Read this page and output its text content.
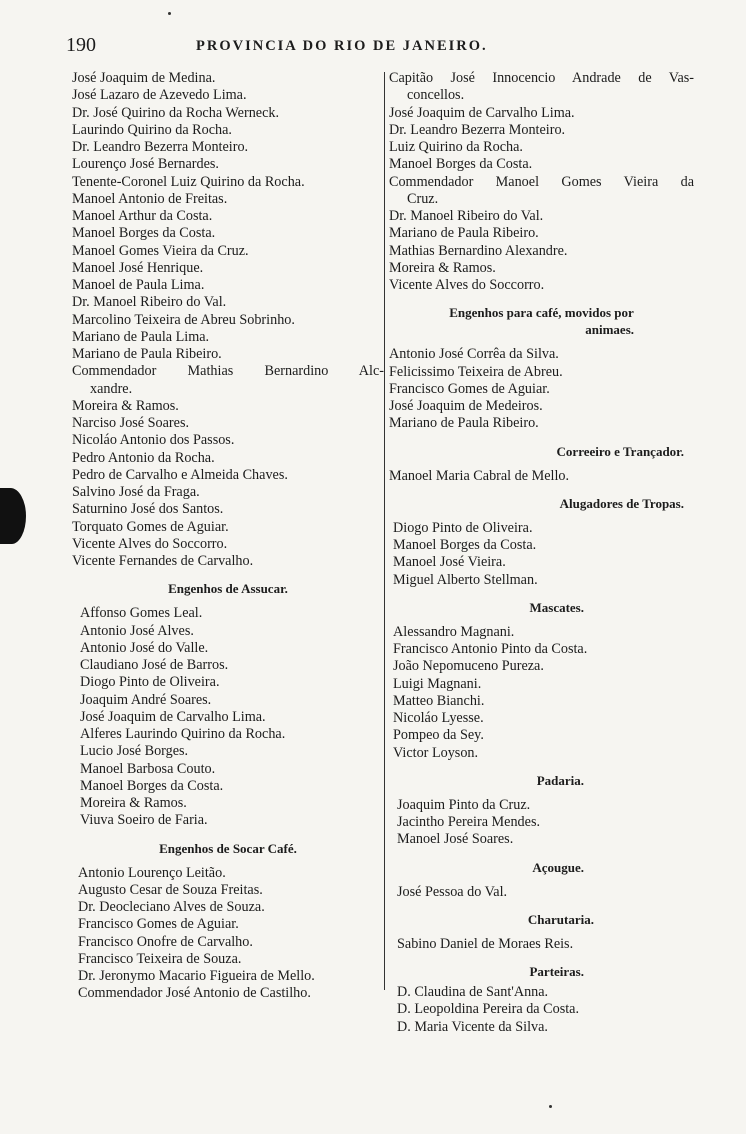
190	PROVINCIA DO RIO DE JANEIRO.
José Joaquim de Medina.
José Lazaro de Azevedo Lima.
Dr. José Quirino da Rocha Werneck.
Laurindo Quirino da Rocha.
Dr. Leandro Bezerra Monteiro.
Lourenço José Bernardes.
Tenente-Coronel Luiz Quirino da Rocha.
Manoel Antonio de Freitas.
Manoel Arthur da Costa.
Manoel Borges da Costa.
Manoel Gomes Vieira da Cruz.
Manoel José Henrique.
Manoel de Paula Lima.
Dr. Manoel Ribeiro do Val.
Marcolino Teixeira de Abreu Sobrinho.
Mariano de Paula Lima.
Mariano de Paula Ribeiro.
Commendador Mathias Bernardino Alc-
xandre.
Moreira & Ramos.
Narciso José Soares.
Nicoláo Antonio dos Passos.
Pedro Antonio da Rocha.
Pedro de Carvalho e Almeida Chaves.
Salvino José da Fraga.
Saturnino José dos Santos.
Torquato Gomes de Aguiar.
Vicente Alves do Soccorro.
Vicente Fernandes de Carvalho.
Engenhos de Assucar.
Affonso Gomes Leal.
Antonio José Alves.
Antonio José do Valle.
Claudiano José de Barros.
Diogo Pinto de Oliveira.
Joaquim André Soares.
José Joaquim de Carvalho Lima.
Alferes Laurindo Quirino da Rocha.
Lucio José Borges.
Manoel Barbosa Couto.
Manoel Borges da Costa.
Moreira & Ramos.
Viuva Soeiro de Faria.
Engenhos de Socar Café.
Antonio Lourenço Leitão.
Augusto Cesar de Souza Freitas.
Dr. Deocleciano Alves de Souza.
Francisco Gomes de Aguiar.
Francisco Onofre de Carvalho.
Francisco Teixeira de Souza.
Dr. Jeronymo Macario Figueira de Mello.
Commendador José Antonio de Castilho.
Capitão José Innocencio Andrade de Vas-
concellos.
José Joaquim de Carvalho Lima.
Dr. Leandro Bezerra Monteiro.
Luiz Quirino da Rocha.
Manoel Borges da Costa.
Commendador Manoel Gomes Vieira da
Cruz.
Dr. Manoel Ribeiro do Val.
Mariano de Paula Ribeiro.
Mathias Bernardino Alexandre.
Moreira & Ramos.
Vicente Alves do Soccorro.
Engenhos para café, movidos por
animaes.
Antonio José Corrêa da Silva.
Felicissimo Teixeira de Abreu.
Francisco Gomes de Aguiar.
José Joaquim de Medeiros.
Mariano de Paula Ribeiro.
Correeiro e Trançador.
Manoel Maria Cabral de Mello.
Alugadores de Tropas.
Diogo Pinto de Oliveira.
Manoel Borges da Costa.
Manoel José Vieira.
Miguel Alberto Stellman.
Mascates.
Alessandro Magnani.
Francisco Antonio Pinto da Costa.
João Nepomuceno Pureza.
Luigi Magnani.
Matteo Bianchi.
Nicoláo Lyesse.
Pompeo da Sey.
Victor Loyson.
Padaria.
Joaquim Pinto da Cruz.
Jacintho Pereira Mendes.
Manoel José Soares.
Açougue.
José Pessoa do Val.
Charutaria.
Sabino Daniel de Moraes Reis.
Parteiras.
D. Claudina de Sant'Anna.
D. Leopoldina Pereira da Costa.
D. Maria Vicente da Silva.
